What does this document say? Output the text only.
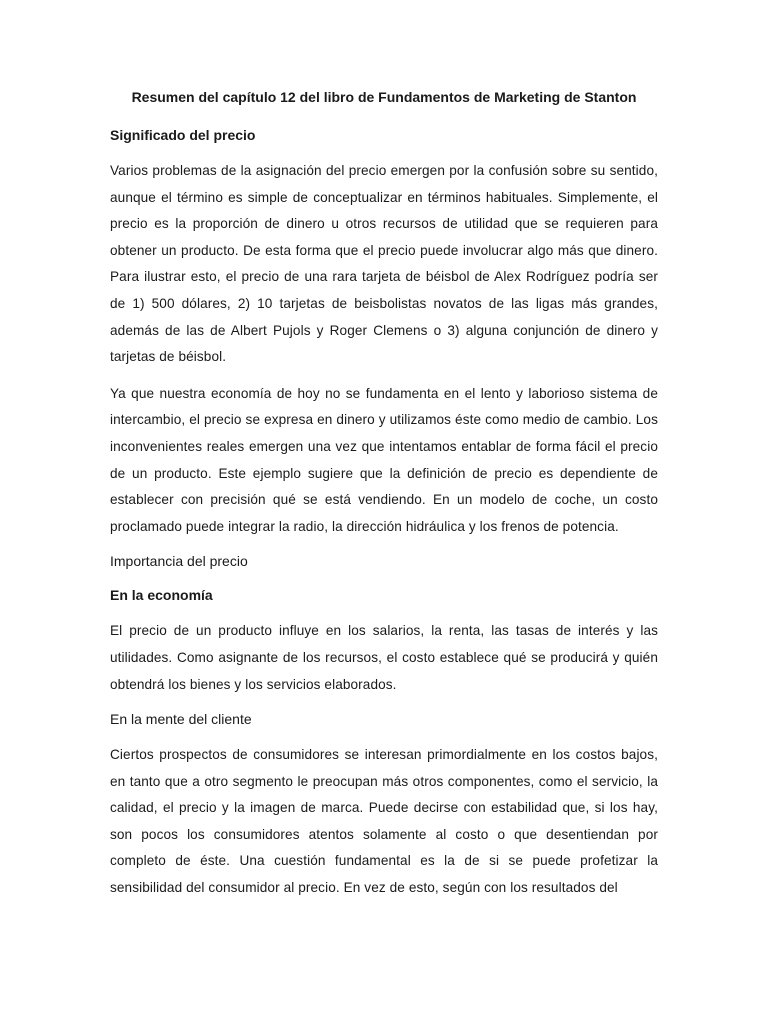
Resumen del capítulo 12 del libro de Fundamentos de Marketing de Stanton
Significado del precio

Varios problemas de la asignación del precio emergen por la confusión sobre su sentido, aunque el término es simple de conceptualizar en términos habituales. Simplemente, el precio es la proporción de dinero u otros recursos de utilidad que se requieren para obtener un producto. De esta forma que el precio puede involucrar algo más que dinero. Para ilustrar esto, el precio de una rara tarjeta de béisbol de Alex Rodríguez podría ser de 1) 500 dólares, 2) 10 tarjetas de beisbolistas novatos de las ligas más grandes, además de las de Albert Pujols y Roger Clemens o 3) alguna conjunción de dinero y tarjetas de béisbol.

Ya que nuestra economía de hoy no se fundamenta en el lento y laborioso sistema de intercambio, el precio se expresa en dinero y utilizamos éste como medio de cambio. Los inconvenientes reales emergen una vez que intentamos entablar de forma fácil el precio de un producto. Este ejemplo sugiere que la definición de precio es dependiente de establecer con precisión qué se está vendiendo. En un modelo de coche, un costo proclamado puede integrar la radio, la dirección hidráulica y los frenos de potencia.

Importancia del precio
En la economía

El precio de un producto influye en los salarios, la renta, las tasas de interés y las utilidades. Como asignante de los recursos, el costo establece qué se producirá y quién obtendrá los bienes y los servicios elaborados.

En la mente del cliente

Ciertos prospectos de consumidores se interesan primordialmente en los costos bajos, en tanto que a otro segmento le preocupan más otros componentes, como el servicio, la calidad, el precio y la imagen de marca. Puede decirse con estabilidad que, si los hay, son pocos los consumidores atentos solamente al costo o que desentiendan por completo de éste. Una cuestión fundamental es la de si se puede profetizar la sensibilidad del consumidor al precio. En vez de esto, según con los resultados del
